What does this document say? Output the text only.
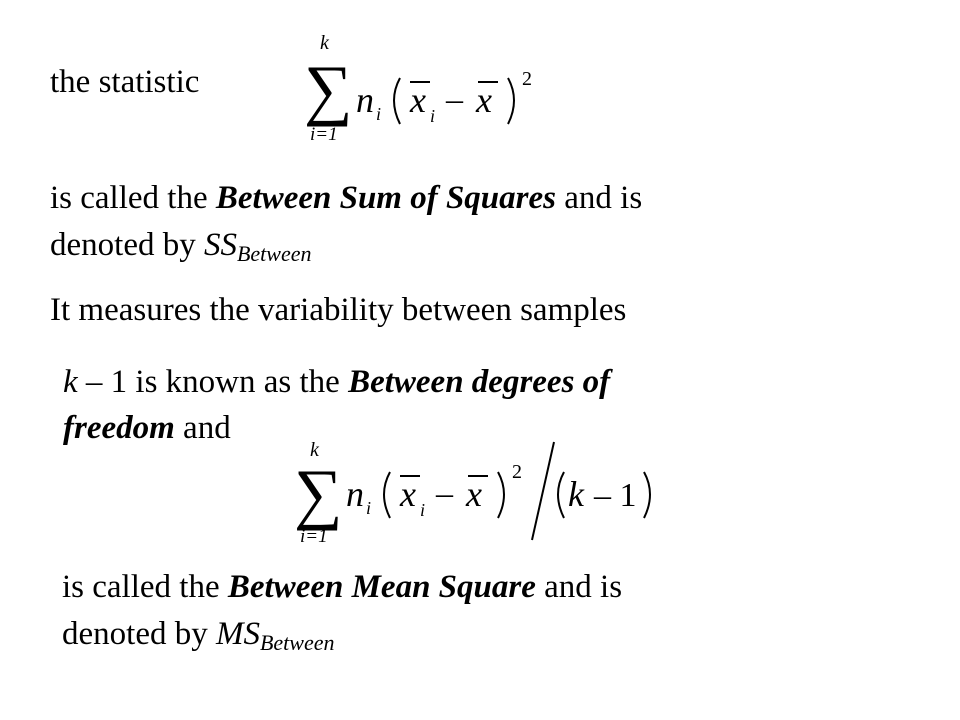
the statistic

k
∑
i=1
n i x i – x
2

is called the Between Sum of Squares and is

denoted by $SS_{Between}$

It measures the variability between samples

k – 1 is known as the Between degrees of

freedom and

k
∑
i=1
n i x i – x
2
k – 1

is called the Between Mean Square and is

denoted by $MS_{Between}$
